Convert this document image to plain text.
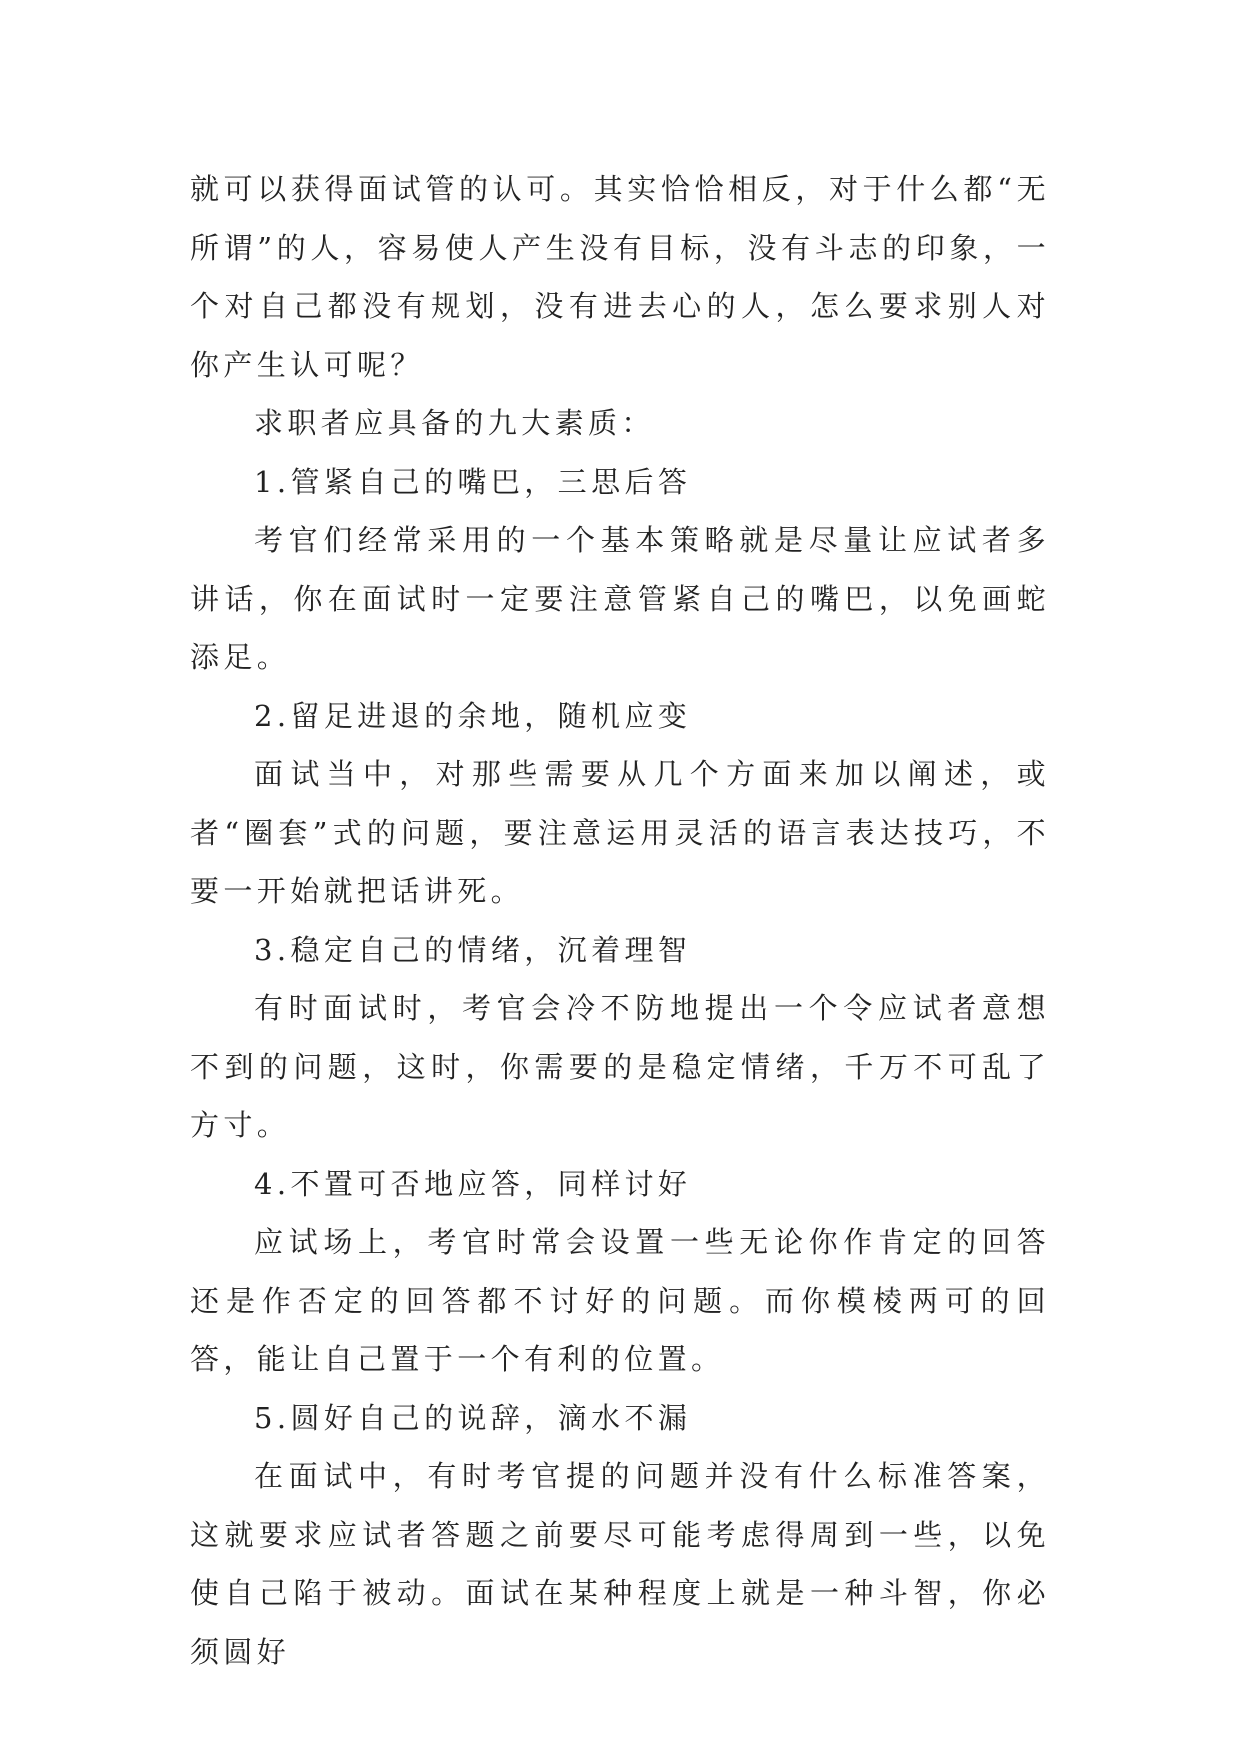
就可以获得面试管的认可。其实恰恰相反，对于什么都“无所谓”的人，容易使人产生没有目标，没有斗志的印象，一个对自己都没有规划，没有进去心的人，怎么要求别人对你产生认可呢？

求职者应具备的九大素质：

1.管紧自己的嘴巴，三思后答

考官们经常采用的一个基本策略就是尽量让应试者多讲话，你在面试时一定要注意管紧自己的嘴巴，以免画蛇添足。

2.留足进退的余地，随机应变

面试当中，对那些需要从几个方面来加以阐述，或者“圈套”式的问题，要注意运用灵活的语言表达技巧，不要一开始就把话讲死。

3.稳定自己的情绪，沉着理智

有时面试时，考官会冷不防地提出一个令应试者意想不到的问题，这时，你需要的是稳定情绪，千万不可乱了方寸。

4.不置可否地应答，同样讨好

应试场上，考官时常会设置一些无论你作肯定的回答还是作否定的回答都不讨好的问题。而你模棱两可的回答，能让自己置于一个有利的位置。

5.圆好自己的说辞，滴水不漏

在面试中，有时考官提的问题并没有什么标准答案，这就要求应试者答题之前要尽可能考虑得周到一些，以免使自己陷于被动。面试在某种程度上就是一种斗智，你必须圆好
